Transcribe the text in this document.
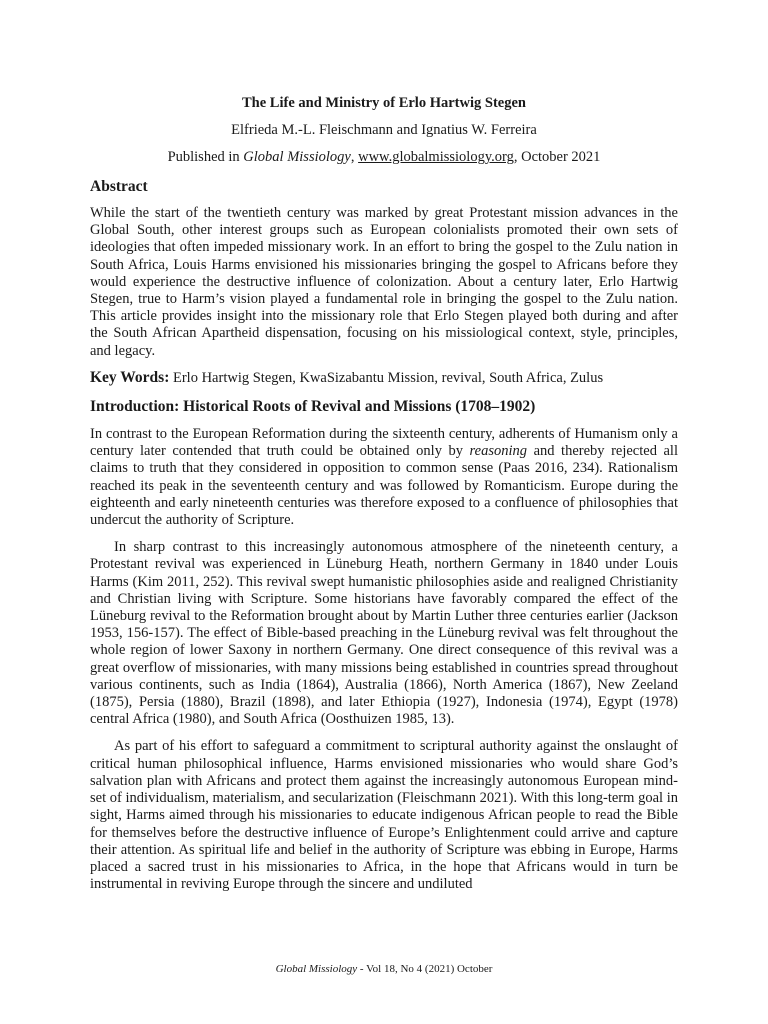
The Life and Ministry of Erlo Hartwig Stegen
Elfrieda M.-L. Fleischmann and Ignatius W. Ferreira
Published in Global Missiology, www.globalmissiology.org, October 2021
Abstract

While the start of the twentieth century was marked by great Protestant mission advances in the Global South, other interest groups such as European colonialists promoted their own sets of ideologies that often impeded missionary work. In an effort to bring the gospel to the Zulu nation in South Africa, Louis Harms envisioned his missionaries bringing the gospel to Africans before they would experience the destructive influence of colonization. About a century later, Erlo Hartwig Stegen, true to Harm’s vision played a fundamental role in bringing the gospel to the Zulu nation. This article provides insight into the missionary role that Erlo Stegen played both during and after the South African Apartheid dispensation, focusing on his missiological context, style, principles, and legacy.

Key Words: Erlo Hartwig Stegen, KwaSizabantu Mission, revival, South Africa, Zulus

Introduction: Historical Roots of Revival and Missions (1708–1902)

In contrast to the European Reformation during the sixteenth century, adherents of Humanism only a century later contended that truth could be obtained only by reasoning and thereby rejected all claims to truth that they considered in opposition to common sense (Paas 2016, 234). Rationalism reached its peak in the seventeenth century and was followed by Romanticism. Europe during the eighteenth and early nineteenth centuries was therefore exposed to a confluence of philosophies that undercut the authority of Scripture.

In sharp contrast to this increasingly autonomous atmosphere of the nineteenth century, a Protestant revival was experienced in Lüneburg Heath, northern Germany in 1840 under Louis Harms (Kim 2011, 252). This revival swept humanistic philosophies aside and realigned Christianity and Christian living with Scripture. Some historians have favorably compared the effect of the Lüneburg revival to the Reformation brought about by Martin Luther three centuries earlier (Jackson 1953, 156-157). The effect of Bible-based preaching in the Lüneburg revival was felt throughout the whole region of lower Saxony in northern Germany. One direct consequence of this revival was a great overflow of missionaries, with many missions being established in countries spread throughout various continents, such as India (1864), Australia (1866), North America (1867), New Zeeland (1875), Persia (1880), Brazil (1898), and later Ethiopia (1927), Indonesia (1974), Egypt (1978) central Africa (1980), and South Africa (Oosthuizen 1985, 13).

As part of his effort to safeguard a commitment to scriptural authority against the onslaught of critical human philosophical influence, Harms envisioned missionaries who would share God’s salvation plan with Africans and protect them against the increasingly autonomous European mind-set of individualism, materialism, and secularization (Fleischmann 2021). With this long-term goal in sight, Harms aimed through his missionaries to educate indigenous African people to read the Bible for themselves before the destructive influence of Europe’s Enlightenment could arrive and capture their attention. As spiritual life and belief in the authority of Scripture was ebbing in Europe, Harms placed a sacred trust in his missionaries to Africa, in the hope that Africans would in turn be instrumental in reviving Europe through the sincere and undiluted

Global Missiology - Vol 18, No 4 (2021) October
